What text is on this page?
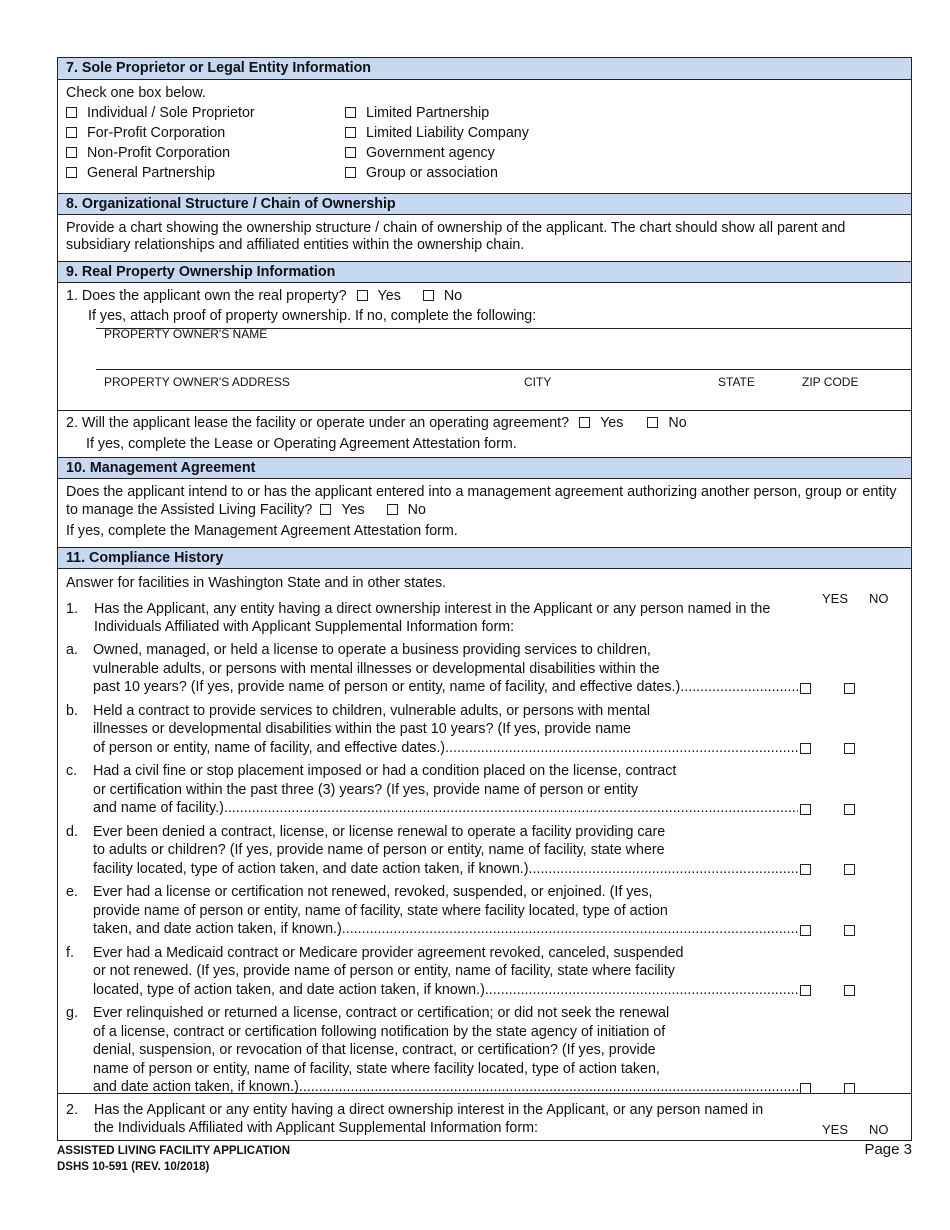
7. Sole Proprietor or Legal Entity Information
Check one box below.
Individual / Sole Proprietor	Limited Partnership
For-Profit Corporation	Limited Liability Company
Non-Profit Corporation	Government agency
General Partnership	Group or association
8. Organizational Structure / Chain of Ownership
Provide a chart showing the ownership structure / chain of ownership of the applicant. The chart should show all parent and subsidiary relationships and affiliated entities within the ownership chain.
9. Real Property Ownership Information
1. Does the applicant own the real property? Yes	No
If yes, attach proof of property ownership. If no, complete the following:
PROPERTY OWNER'S NAME
PROPERTY OWNER'S ADDRESS	CITY	STATE	ZIP CODE
2. Will the applicant lease the facility or operate under an operating agreement? Yes	No
If yes, complete the Lease or Operating Agreement Attestation form.
10. Management Agreement
Does the applicant intend to or has the applicant entered into a management agreement authorizing another person, group or entity to manage the Assisted Living Facility? Yes	No
If yes, complete the Management Agreement Attestation form.
11. Compliance History
Answer for facilities in Washington State and in other states.
YES NO
1.	Has the Applicant, any entity having a direct ownership interest in the Applicant or any person named in the Individuals Affiliated with Applicant Supplemental Information form:
a.	Owned, managed, or held a license to operate a business providing services to children,
vulnerable adults, or persons with mental illnesses or developmental disabilities within the
past 10 years? (If yes, provide name of person or entity, name of facility, and effective dates.)
.....
b.	Held a contract to provide services to children, vulnerable adults, or persons with mental
illnesses or developmental disabilities within the past 10 years? (If yes, provide name
of person or entity, name of facility, and effective dates.)
.....
c.	Had a civil fine or stop placement imposed or had a condition placed on the license, contract
or certification within the past three (3) years? (If yes, provide name of person or entity
and name of facility.)
.....
d.	Ever been denied a contract, license, or license renewal to operate a facility providing care
to adults or children? (If yes, provide name of person or entity, name of facility, state where
facility located, type of action taken, and date action taken, if known.)
.....
e.	Ever had a license or certification not renewed, revoked, suspended, or enjoined. (If yes,
provide name of person or entity, name of facility, state where facility located, type of action
taken, and date action taken, if known.)
.....
f.	Ever had a Medicaid contract or Medicare provider agreement revoked, canceled, suspended
or not renewed. (If yes, provide name of person or entity, name of facility, state where facility
located, type of action taken, and date action taken, if known.)
.....
g.	Ever relinquished or returned a license, contract or certification; or did not seek the renewal
of a license, contract or certification following notification by the state agency of initiation of
denial, suspension, or revocation of that license, contract, or certification? (If yes, provide
name of person or entity, name of facility, state where facility located, type of action taken,
and date action taken, if known.)
.....
2.	Has the Applicant or any entity having a direct ownership interest in the Applicant, or any person named in the Individuals Affiliated with Applicant Supplemental Information form:	YES NO
ASSISTED LIVING FACILITY APPLICATION
DSHS 10-591 (REV. 10/2018)
Page 3
